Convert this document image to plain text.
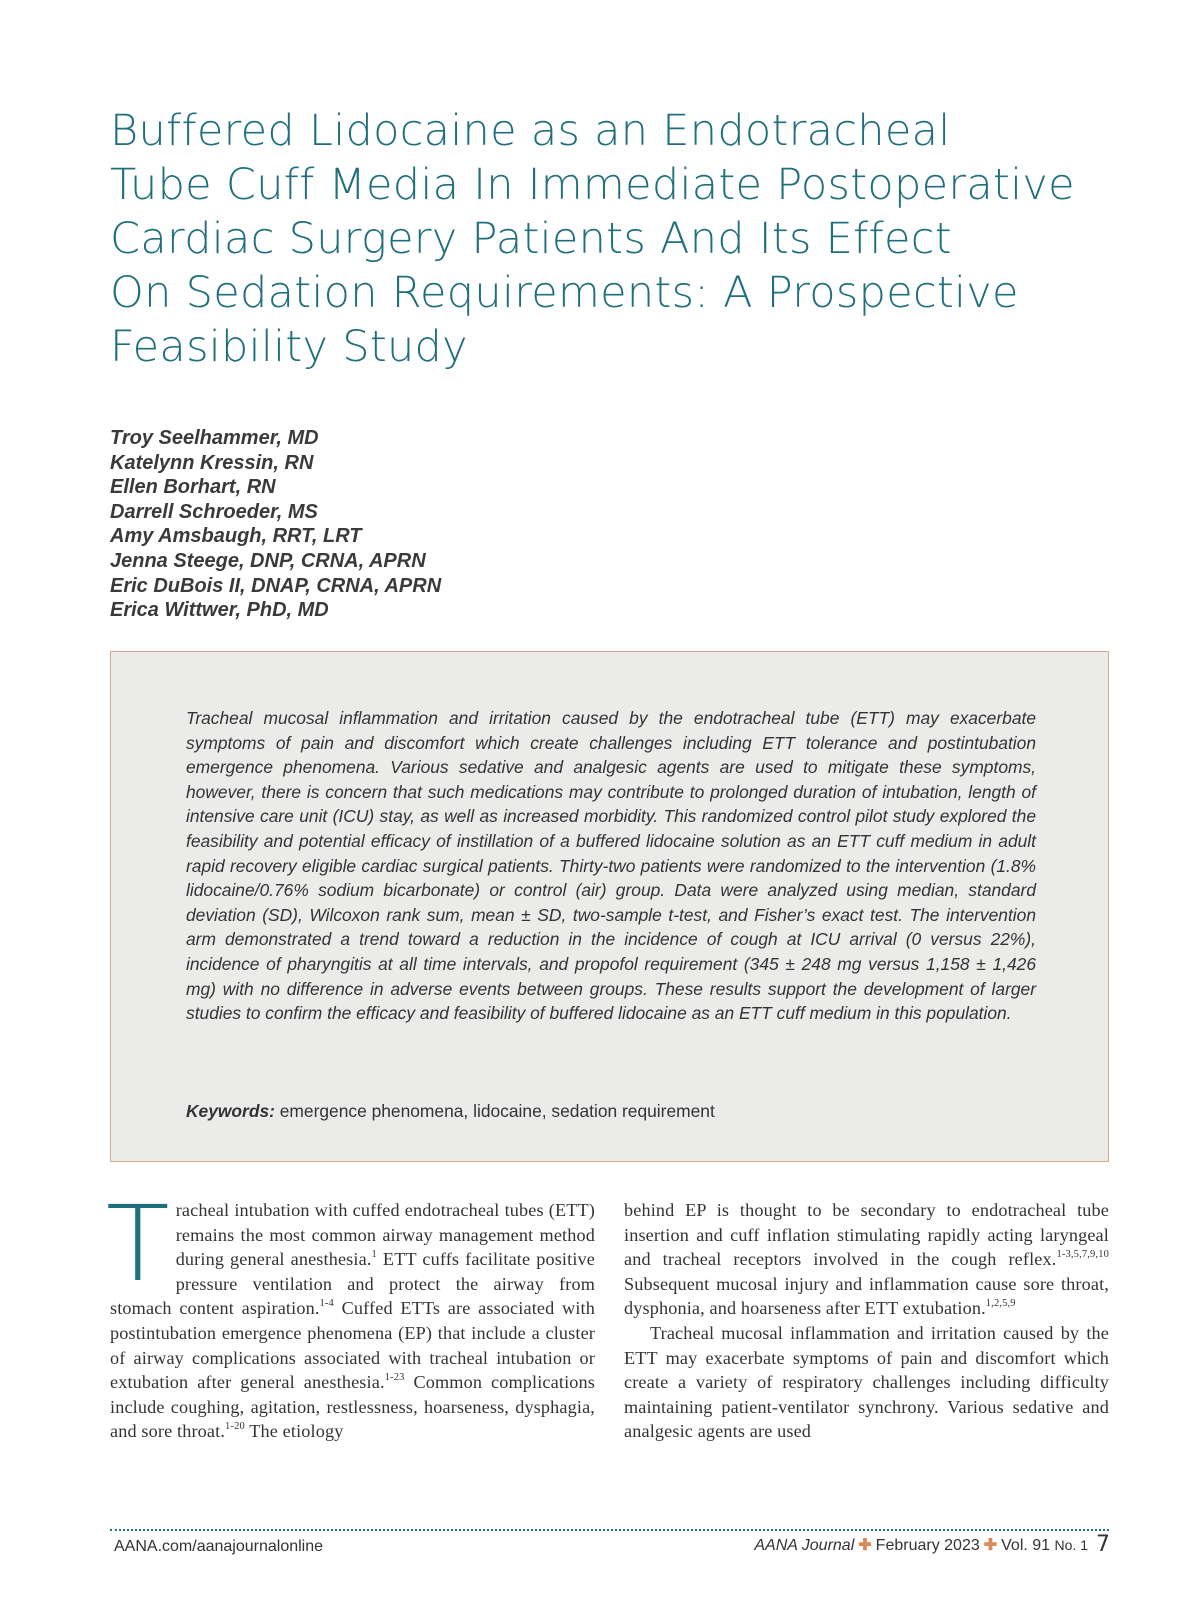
Buffered Lidocaine as an Endotracheal
Tube Cuff Media In Immediate Postoperative
Cardiac Surgery Patients And Its Effect
On Sedation Requirements: A Prospective
Feasibility Study
Troy Seelhammer, MD
Katelynn Kressin, RN
Ellen Borhart, RN
Darrell Schroeder, MS
Amy Amsbaugh, RRT, LRT
Jenna Steege, DNP, CRNA, APRN
Eric DuBois II, DNAP, CRNA, APRN
Erica Wittwer, PhD, MD

Tracheal mucosal inflammation and irritation caused by the endotracheal tube (ETT) may exacerbate symptoms of pain and discomfort which create challenges including ETT tolerance and postintubation emergence phenomena. Various sedative and analgesic agents are used to mitigate these symptoms, however, there is concern that such medications may contribute to prolonged duration of intubation, length of intensive care unit (ICU) stay, as well as increased morbidity. This randomized control pilot study explored the feasibility and potential efficacy of instillation of a buffered lidocaine solution as an ETT cuff medium in adult rapid recovery eligible cardiac surgical patients. Thirty-two patients were randomized to the intervention (1.8% lidocaine/0.76% sodium bicarbonate) or control (air) group. Data were analyzed using median, standard deviation (SD), Wilcoxon rank sum, mean ± SD, two-sample t-test, and Fisher’s exact test. The intervention arm demonstrated a trend toward a reduction in the incidence of cough at ICU arrival (0 versus 22%), incidence of pharyngitis at all time intervals, and propofol requirement (345 ± 248 mg versus 1,158 ± 1,426 mg) with no difference in adverse events between groups. These results support the development of larger studies to confirm the efficacy and feasibility of buffered lidocaine as an ETT cuff medium in this population.

Keywords: emergence phenomena, lidocaine, sedation requirement

Tracheal intubation with cuffed endotracheal tubes (ETT) remains the most common airway management method during general anesthesia.$^1$ ETT cuffs facilitate positive pressure ventilation and protect the airway from stomach content aspiration.$^{1-4}$ Cuffed ETTs are associated with postintubation emergence phenomena (EP) that include a cluster of airway complications associated with tracheal intubation or extubation after general anesthesia.$^{1-23}$ Common complications include coughing, agitation, restlessness, hoarseness, dysphagia, and sore throat.$^{1-20}$ The etiology

behind EP is thought to be secondary to endotracheal tube insertion and cuff inflation stimulating rapidly acting laryngeal and tracheal receptors involved in the cough reflex.$^{1-3,5,7,9,10}$ Subsequent mucosal injury and inflammation cause sore throat, dysphonia, and hoarseness after ETT extubation.$^{1,2,5,9}$

Tracheal mucosal inflammation and irritation caused by the ETT may exacerbate symptoms of pain and discomfort which create a variety of respiratory challenges including difficulty maintaining patient-ventilator synchrony. Various sedative and analgesic agents are used

AANA.com/aanajournalonline	AANA Journal ✚ February 2023 ✚ Vol. 91 No. 1 7
